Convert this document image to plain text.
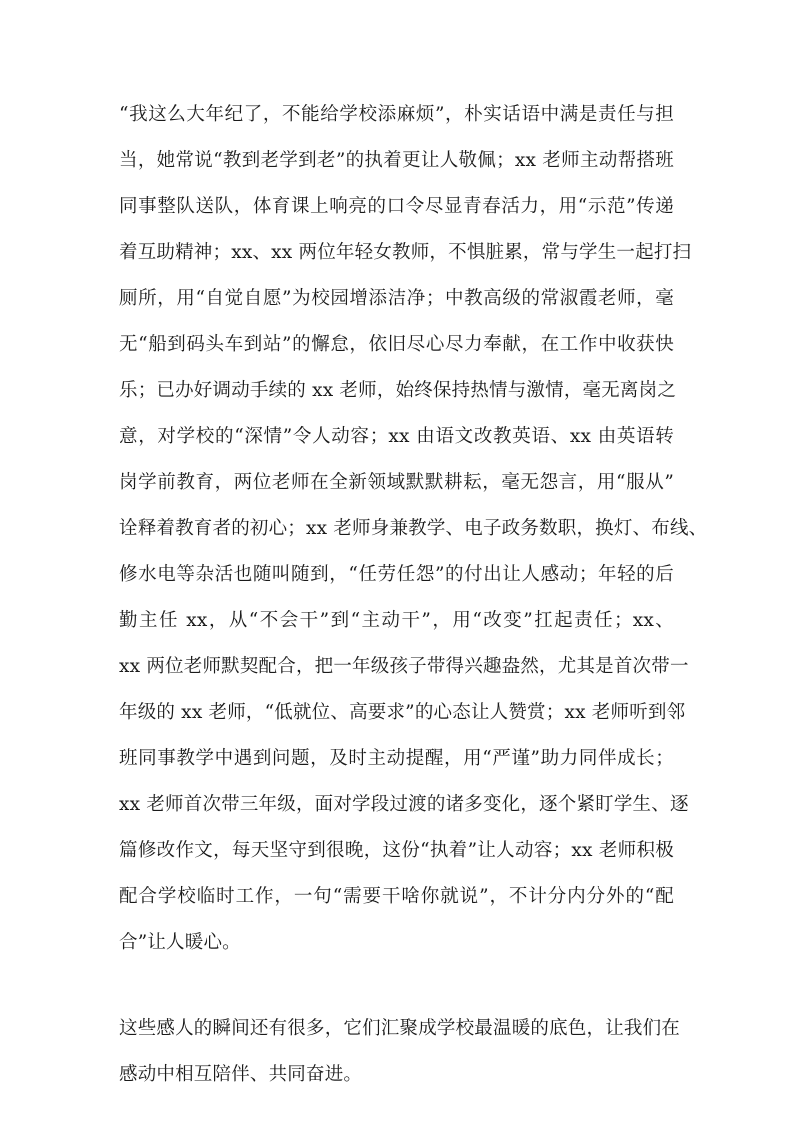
“我这么大年纪了，不能给学校添麻烦”，朴实话语中满是责任与担
当，她常说“教到老学到老”的执着更让人敬佩；xx 老师主动帮搭班
同事整队送队，体育课上响亮的口令尽显青春活力，用“示范”传递
着互助精神；xx、xx 两位年轻女教师，不惧脏累，常与学生一起打扫
厕所，用“自觉自愿”为校园增添洁净；中教高级的常淑霞老师，毫
无“船到码头车到站”的懈怠，依旧尽心尽力奉献，在工作中收获快
乐；已办好调动手续的 xx 老师，始终保持热情与激情，毫无离岗之
意，对学校的“深情”令人动容；xx 由语文改教英语、xx 由英语转
岗学前教育，两位老师在全新领域默默耕耘，毫无怨言，用“服从”
诠释着教育者的初心；xx 老师身兼教学、电子政务数职，换灯、布线、
修水电等杂活也随叫随到，“任劳任怨”的付出让人感动；年轻的后
勤主任 xx，从“不会干”到“主动干”，用“改变”扛起责任；xx、
xx 两位老师默契配合，把一年级孩子带得兴趣盎然，尤其是首次带一
年级的 xx 老师，“低就位、高要求”的心态让人赞赏；xx 老师听到邻
班同事教学中遇到问题，及时主动提醒，用“严谨”助力同伴成长；
xx 老师首次带三年级，面对学段过渡的诸多变化，逐个紧盯学生、逐
篇修改作文，每天坚守到很晚，这份“执着”让人动容；xx 老师积极
配合学校临时工作，一句“需要干啥你就说”，不计分内分外的“配
合”让人暖心。
这些感人的瞬间还有很多，它们汇聚成学校最温暖的底色，让我们在
感动中相互陪伴、共同奋进。
